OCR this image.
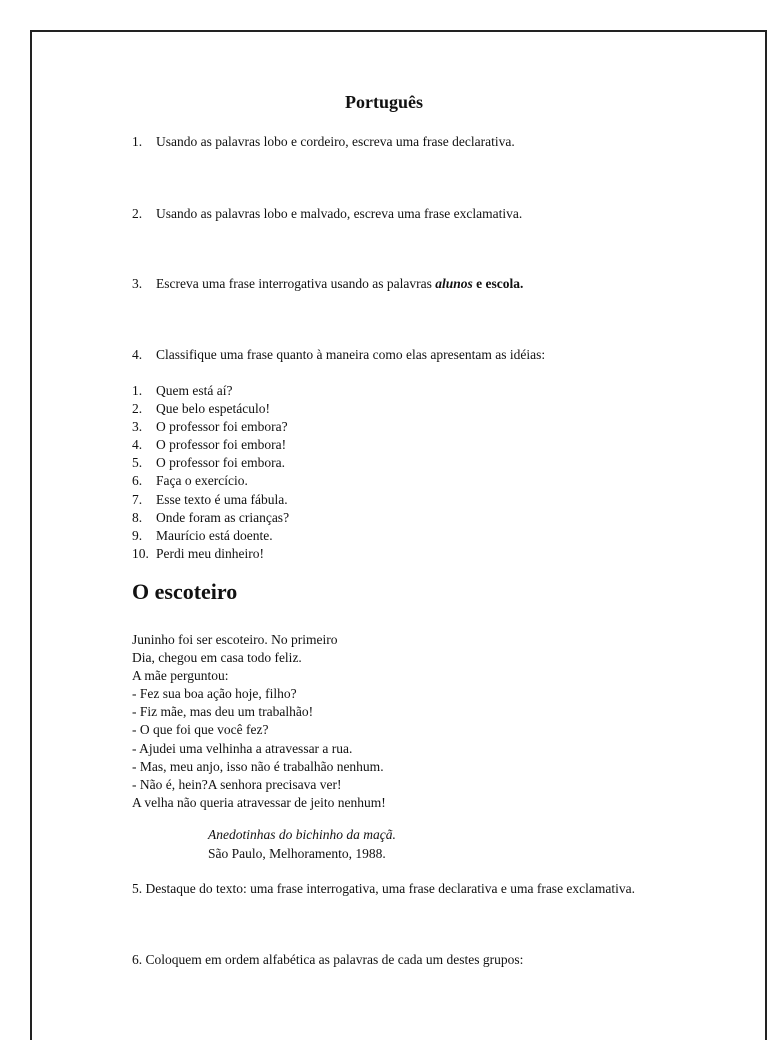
Português
1. Usando as palavras lobo e cordeiro, escreva uma frase declarativa.
2. Usando as palavras lobo e malvado, escreva uma frase exclamativa.
3. Escreva uma frase interrogativa usando as palavras alunos e escola.
4. Classifique uma frase quanto à maneira como elas apresentam as idéias:
1. Quem está aí?
2. Que belo espetáculo!
3. O professor foi embora?
4. O professor foi embora!
5. O professor foi embora.
6. Faça o exercício.
7. Esse texto é uma fábula.
8. Onde foram as crianças?
9. Maurício está doente.
10. Perdi meu dinheiro!
O escoteiro
Juninho foi ser escoteiro. No primeiro
Dia, chegou em casa todo feliz.
A mãe perguntou:
- Fez sua boa ação hoje, filho?
- Fiz mãe, mas deu um trabalhão!
- O que foi que você fez?
- Ajudei uma velhinha a atravessar a rua.
- Mas, meu anjo, isso não é trabalhão nenhum.
- Não é, hein?A senhora precisava ver!
A velha não queria atravessar de jeito nenhum!
Anedotinhas do bichinho da maçã.
São Paulo, Melhoramento, 1988.
5. Destaque do texto: uma frase interrogativa, uma frase declarativa e uma frase exclamativa.
6. Coloquem em ordem alfabética as palavras de cada um destes grupos:
